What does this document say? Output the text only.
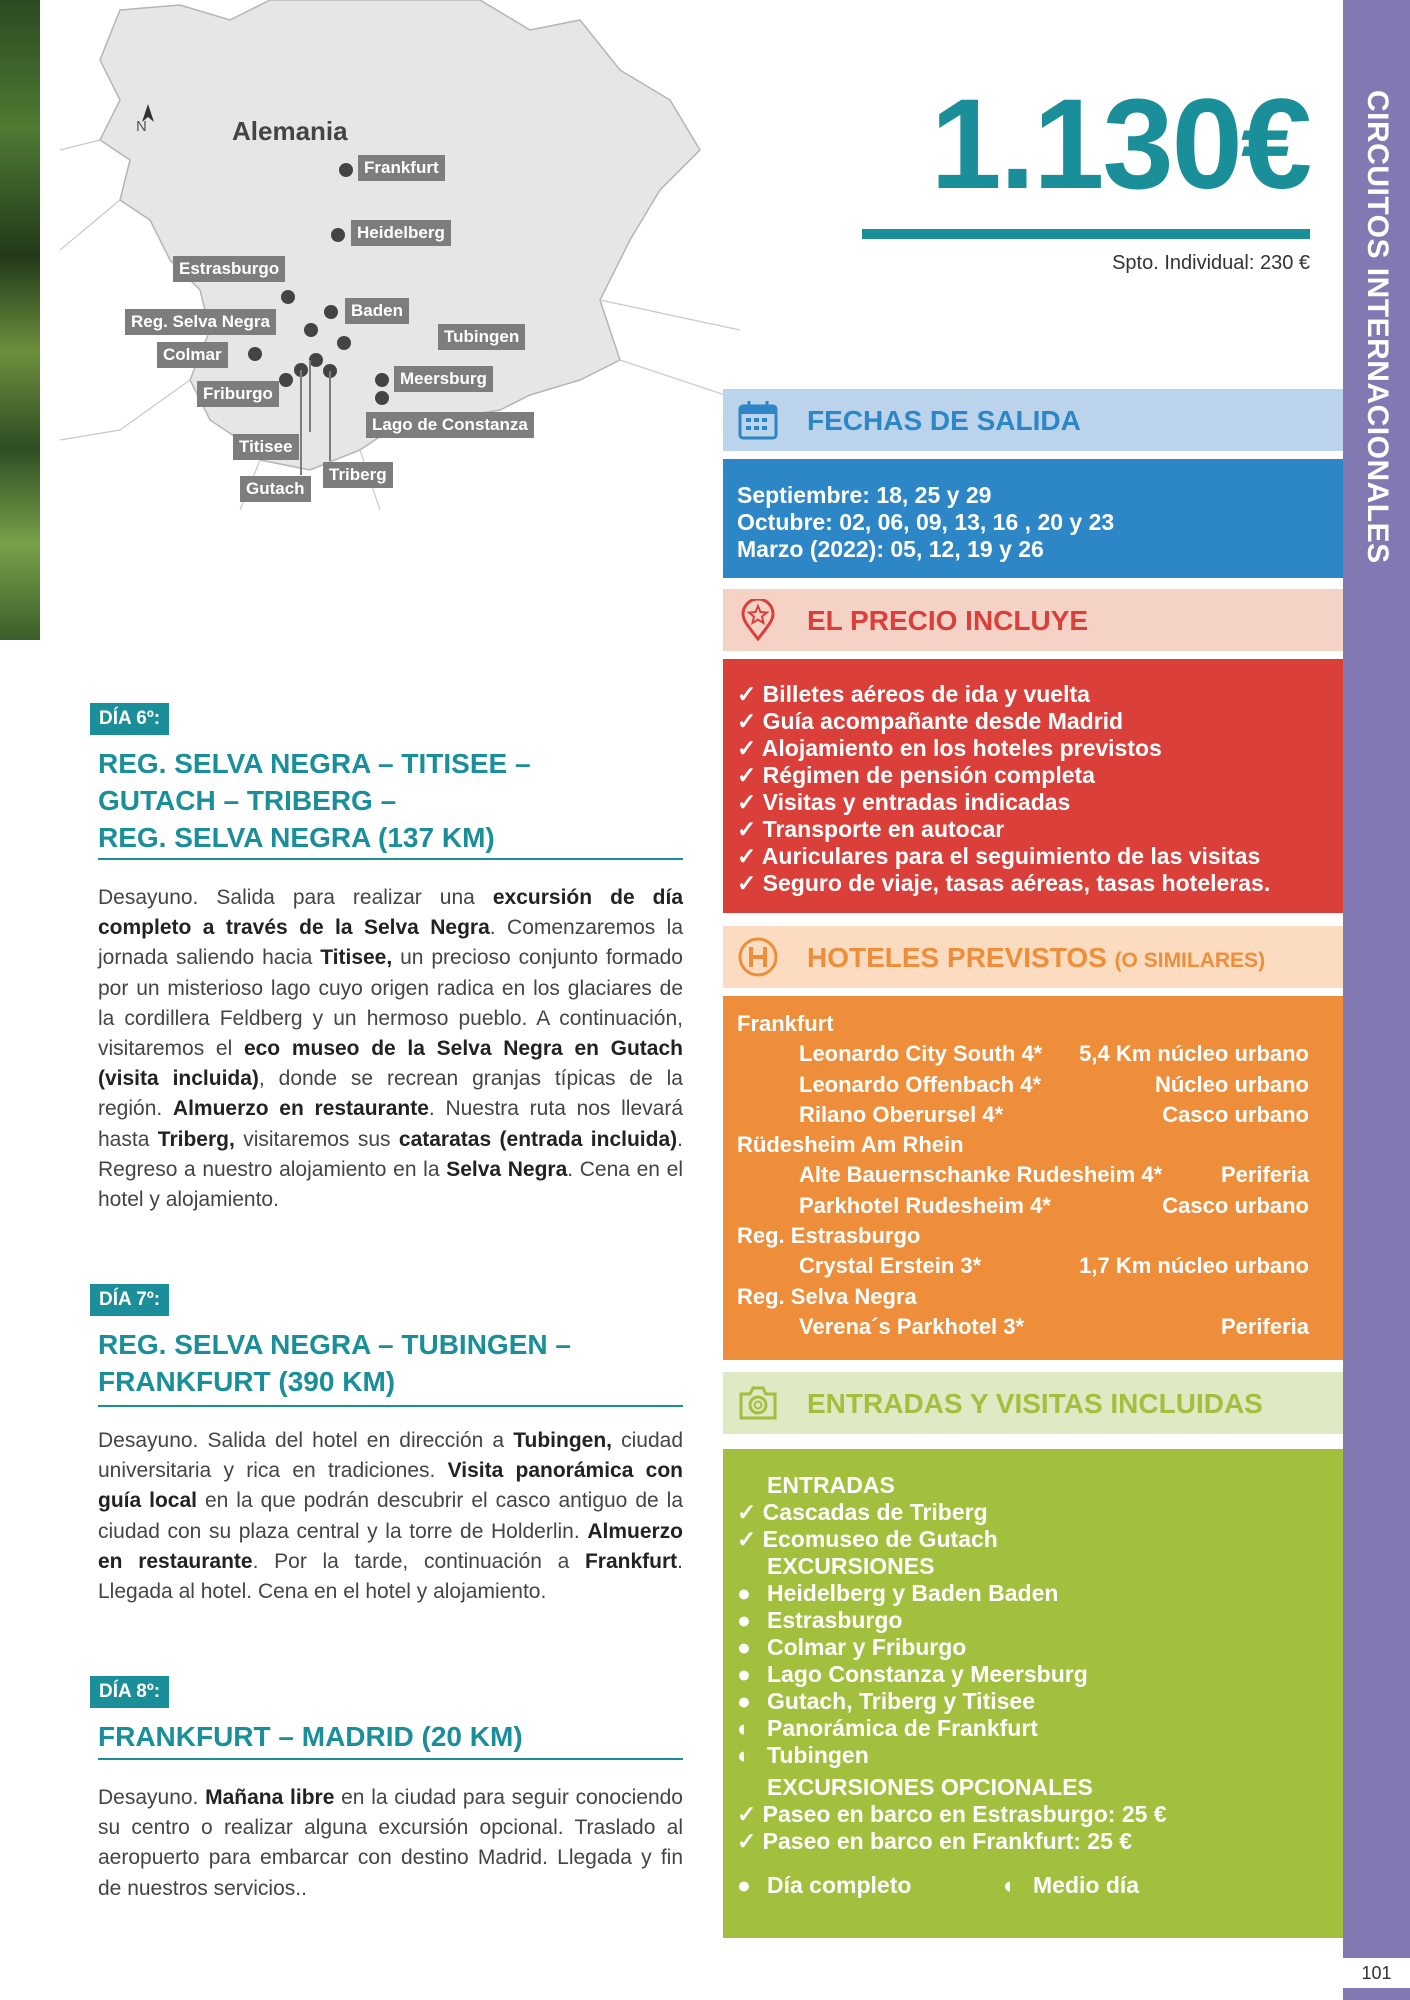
N	Alemania
Frankfurt
Heidelberg
Estrasburgo
Baden
Reg. Selva Negra
Tubingen
Colmar
Meersburg
Friburgo
Lago de Constanza
Titisee
Triberg
Gutach
1.130€
Spto. Individual: 230 €
FECHAS DE SALIDA
Septiembre: 18, 25 y 29
Octubre: 02, 06, 09, 13, 16 , 20 y 23
Marzo (2022): 05, 12, 19 y 26
EL PRECIO INCLUYE
✓ Billetes aéreos de ida y vuelta
✓ Guía acompañante desde Madrid
✓ Alojamiento en los hoteles previstos
✓ Régimen de pensión completa
✓ Visitas y entradas indicadas
✓ Transporte en autocar
✓ Auriculares para el seguimiento de las visitas
✓ Seguro de viaje, tasas aéreas, tasas hoteleras.
HOTELES PREVISTOS (O SIMILARES)
Frankfurt
Leonardo City South 4* 5,4 Km núcleo urbano
Leonardo Offenbach 4*	Núcleo urbano
Rilano Oberursel 4*	Casco urbano
Rüdesheim Am Rhein
Alte Bauernschanke Rudesheim 4*	Periferia
Parkhotel Rudesheim 4*	Casco urbano
Reg. Estrasburgo
Crystal Erstein 3*	1,7 Km núcleo urbano
Reg. Selva Negra
Verena´s Parkhotel 3*	Periferia
ENTRADAS Y VISITAS INCLUIDAS
ENTRADAS
✓ Cascadas de Triberg
✓ Ecomuseo de Gutach
EXCURSIONES
● Heidelberg y Baden Baden
● Estrasburgo
● Colmar y Friburgo
● Lago Constanza y Meersburg
● Gutach, Triberg y Titisee
◐ Panorámica de Frankfurt
◐ Tubingen
EXCURSIONES OPCIONALES
✓ Paseo en barco en Estrasburgo: 25 €
✓ Paseo en barco en Frankfurt: 25 €
● Día completo	◐ Medio día
CIRCUITOS INTERNACIONALES
101
DÍA 6º:
REG. SELVA NEGRA – TITISEE –
GUTACH – TRIBERG –
REG. SELVA NEGRA (137 KM)
Desayuno. Salida para realizar una excursión de día completo a través de la Selva Negra. Comenzaremos la jornada saliendo hacia Titisee, un precioso conjunto formado por un misterioso lago cuyo origen radica en los glaciares de la cordillera Feldberg y un hermoso pueblo. A continuación, visitaremos el eco museo de la Selva Negra en Gutach (visita incluida), donde se recrean granjas típicas de la región. Almuerzo en restaurante. Nuestra ruta nos llevará hasta Triberg, visitaremos sus cataratas (entrada incluida). Regreso a nuestro alojamiento en la Selva Negra. Cena en el hotel y alojamiento.
DÍA 7º:
REG. SELVA NEGRA – TUBINGEN –
FRANKFURT (390 KM)
Desayuno. Salida del hotel en dirección a Tubingen, ciudad universitaria y rica en tradiciones. Visita panorámica con guía local en la que podrán descubrir el casco antiguo de la ciudad con su plaza central y la torre de Holderlin. Almuerzo en restaurante. Por la tarde, continuación a Frankfurt. Llegada al hotel. Cena en el hotel y alojamiento.
DÍA 8º:
FRANKFURT – MADRID (20 KM)
Desayuno. Mañana libre en la ciudad para seguir conociendo su centro o realizar alguna excursión opcional. Traslado al aeropuerto para embarcar con destino Madrid. Llegada y fin de nuestros servicios..
